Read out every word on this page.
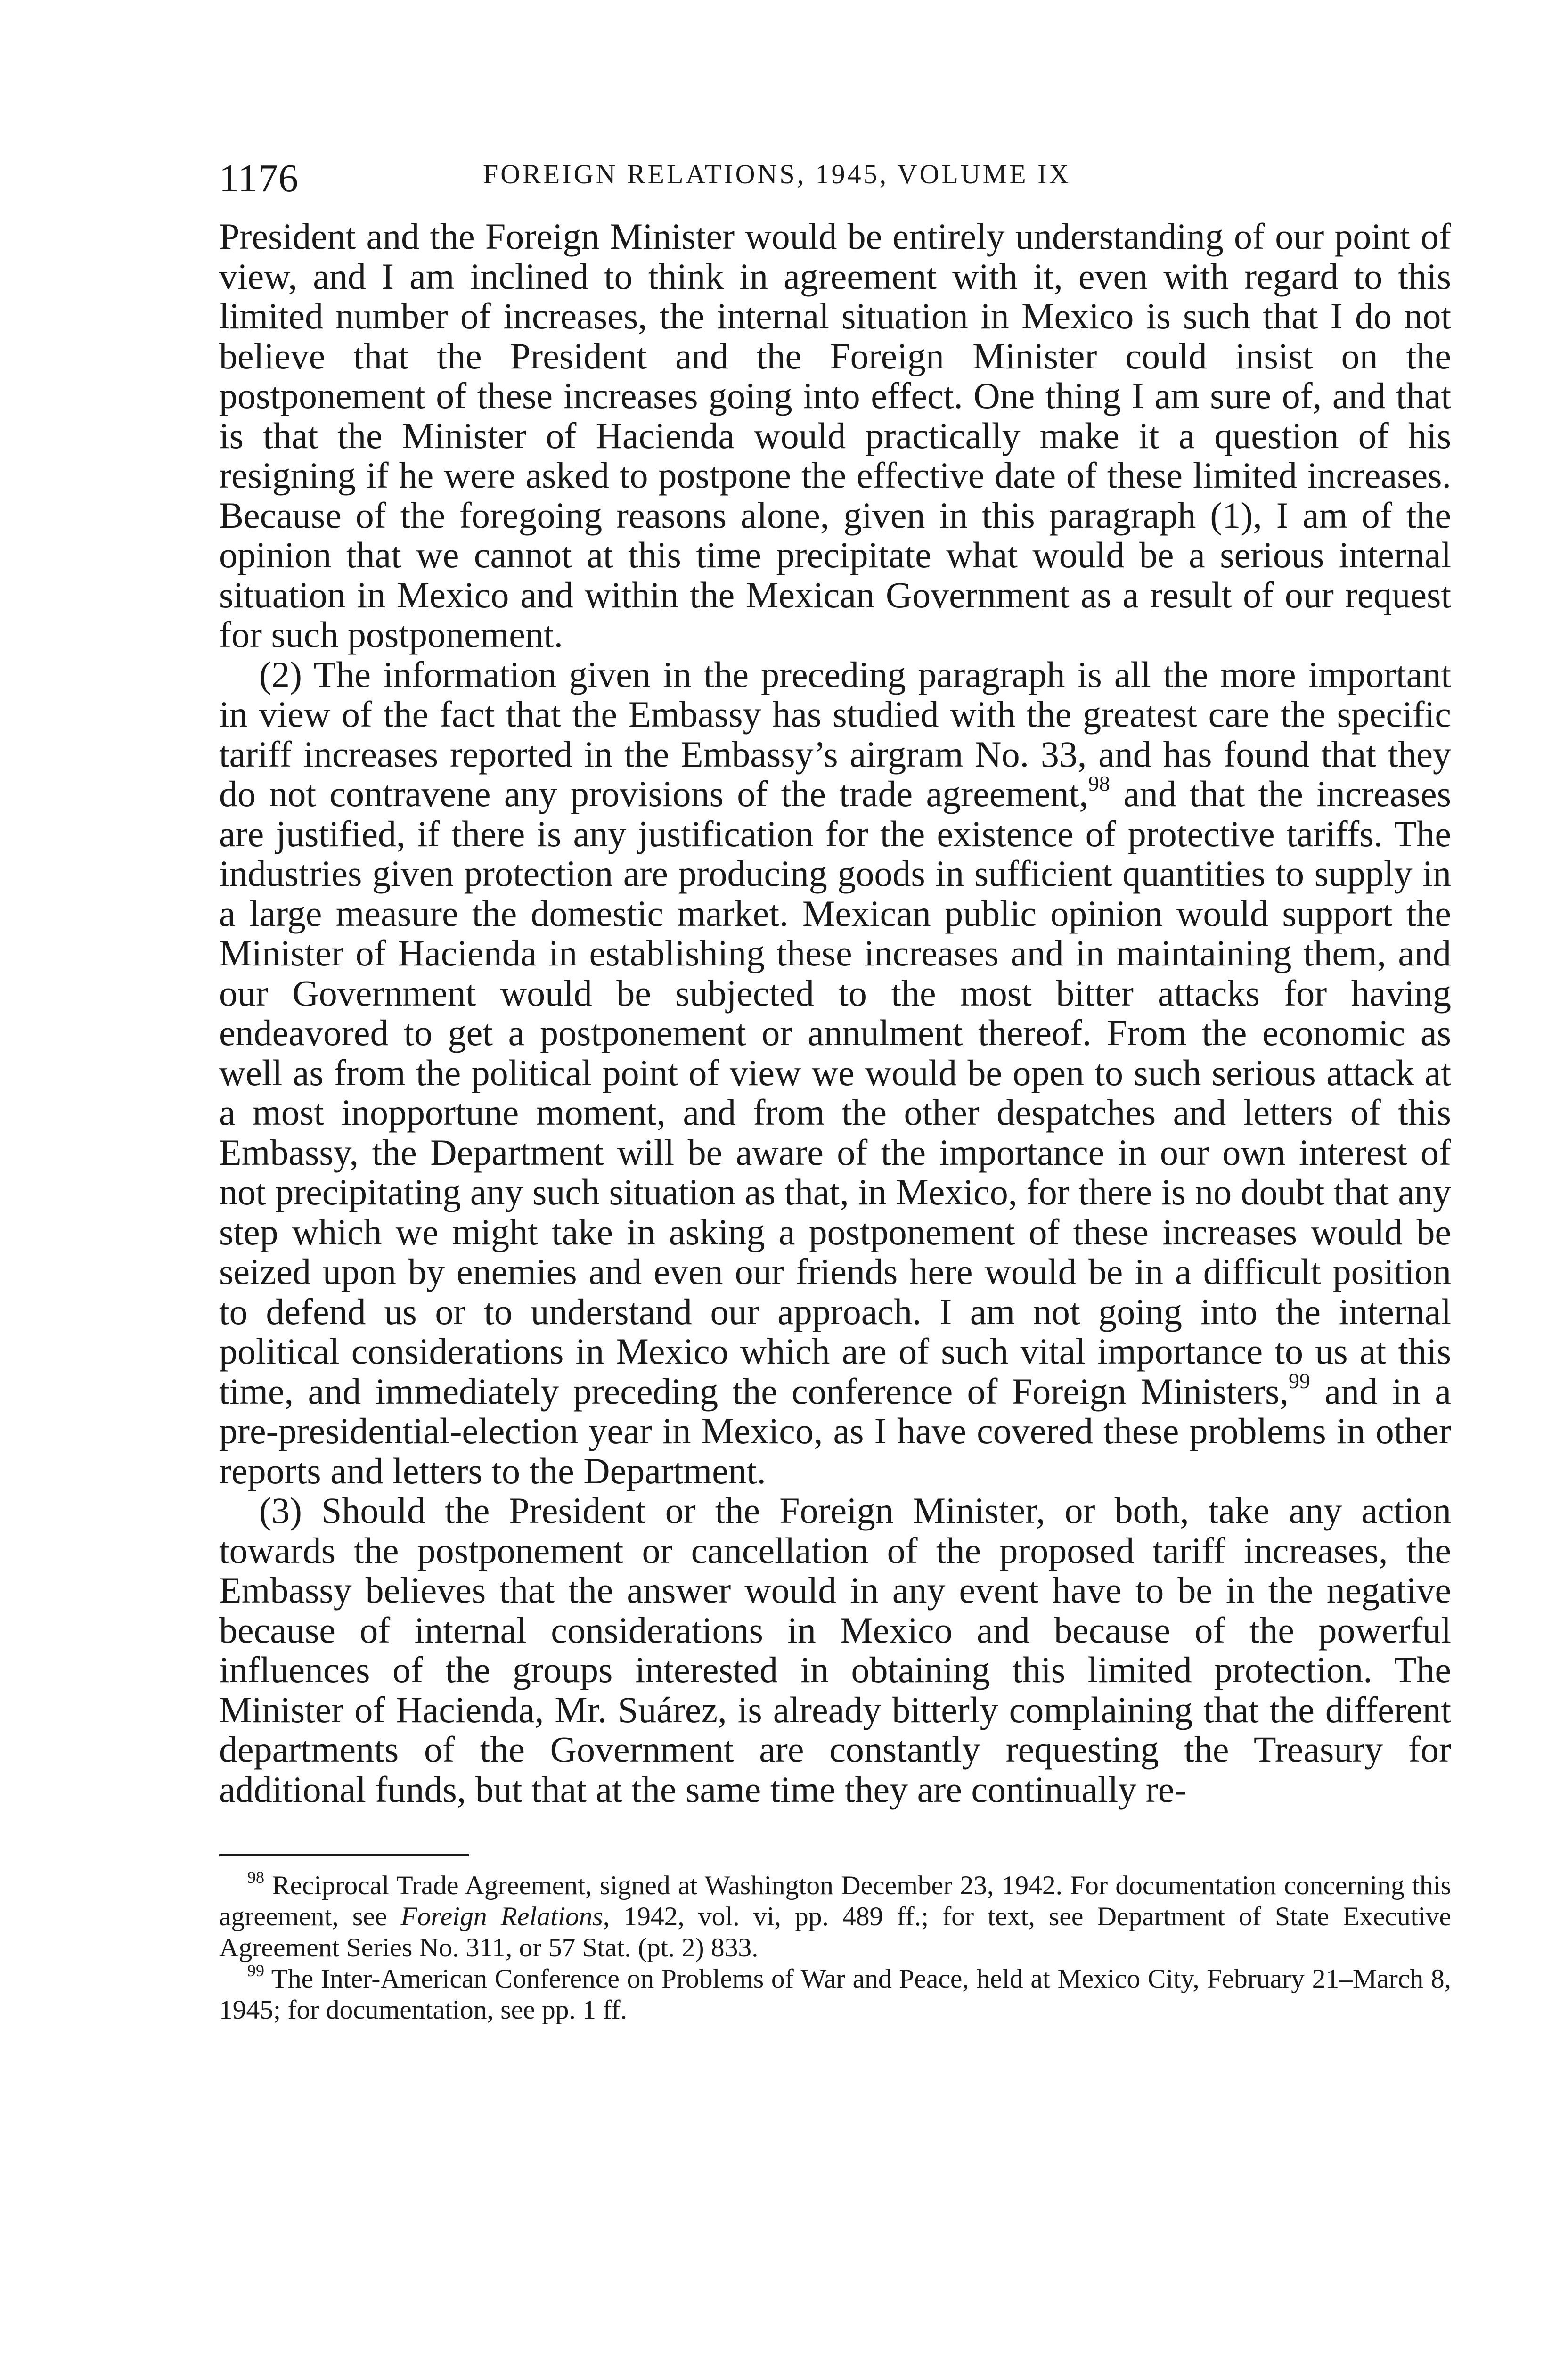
1176	FOREIGN RELATIONS, 1945, VOLUME IX

President and the Foreign Minister would be entirely understanding of our point of view, and I am inclined to think in agreement with it, even with regard to this limited number of increases, the internal situation in Mexico is such that I do not believe that the President and the Foreign Minister could insist on the postponement of these increases going into effect. One thing I am sure of, and that is that the Minister of Hacienda would practically make it a question of his resigning if he were asked to postpone the effective date of these limited increases. Because of the foregoing reasons alone, given in this paragraph (1), I am of the opinion that we cannot at this time precipitate what would be a serious internal situation in Mexico and within the Mexican Government as a result of our request for such postponement.

(2) The information given in the preceding paragraph is all the more important in view of the fact that the Embassy has studied with the greatest care the specific tariff increases reported in the Embassy’s airgram No. 33, and has found that they do not contravene any provisions of the trade agreement,$^{98}$ and that the increases are justified, if there is any justification for the existence of protective tariffs. The industries given protection are producing goods in sufficient quantities to supply in a large measure the domestic market. Mexican public opinion would support the Minister of Hacienda in establishing these increases and in maintaining them, and our Government would be subjected to the most bitter attacks for having endeavored to get a postponement or annulment thereof. From the economic as well as from the political point of view we would be open to such serious attack at a most inopportune moment, and from the other despatches and letters of this Embassy, the Department will be aware of the importance in our own interest of not precipitating any such situation as that, in Mexico, for there is no doubt that any step which we might take in asking a postponement of these increases would be seized upon by enemies and even our friends here would be in a difficult position to defend us or to understand our approach. I am not going into the internal political considerations in Mexico which are of such vital importance to us at this time, and immediately preceding the conference of Foreign Ministers,$^{99}$ and in a pre-presidential-election year in Mexico, as I have covered these problems in other reports and letters to the Department.

(3) Should the President or the Foreign Minister, or both, take any action towards the postponement or cancellation of the proposed tariff increases, the Embassy believes that the answer would in any event have to be in the negative because of internal considerations in Mexico and because of the powerful influences of the groups interested in obtaining this limited protection. The Minister of Hacienda, Mr. Suárez, is already bitterly complaining that the different departments of the Government are constantly requesting the Treasury for additional funds, but that at the same time they are continually re-

$^{98}$ Reciprocal Trade Agreement, signed at Washington December 23, 1942. For documentation concerning this agreement, see Foreign Relations, 1942, vol. vi, pp. 489 ff.; for text, see Department of State Executive Agreement Series No. 311, or 57 Stat. (pt. 2) 833.

$^{99}$ The Inter-American Conference on Problems of War and Peace, held at Mexico City, February 21–March 8, 1945; for documentation, see pp. 1 ff.
